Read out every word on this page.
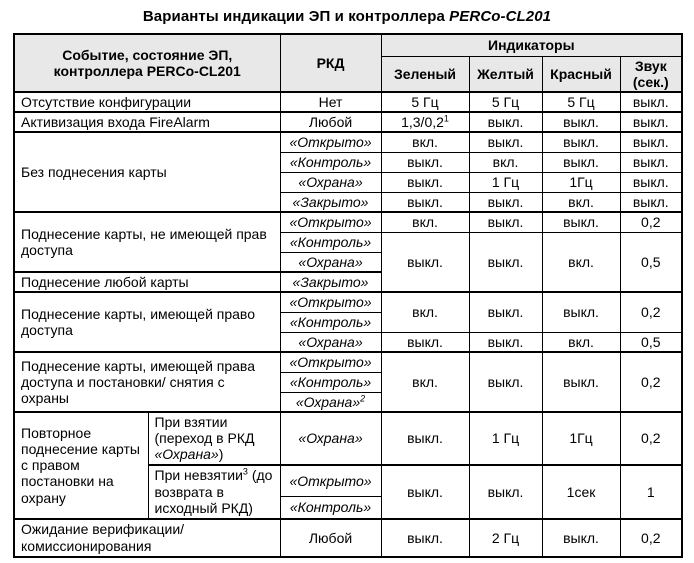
Варианты индикации ЭП и контроллера PERCo-CL201
Событие, состояние ЭП, контроллера PERCo-CL201		РКД	Индикаторы			
			Зеленый	Желтый	Красный	Звук (сек.)
Отсутствие конфигурации		Нет	5 Гц	5 Гц	5 Гц	выкл.
Активизация входа FireAlarm		Любой	$1,3/0,2^1$	выкл.	выкл.	выкл.
Без поднесения карты		«Открыто»	вкл.	выкл.	выкл.	выкл.
		«Контроль»	выкл.	вкл.	выкл.	выкл.
		«Охрана»	выкл.	1 Гц	1Гц	выкл.
		«Закрыто»	выкл.	выкл.	вкл.	выкл.
Поднесение карты, не имеющей прав доступа		«Открыто»	вкл.	выкл.	выкл.	0,2
		«Контроль»	выкл.	выкл.	вкл.	0,5
		«Охрана»				
Поднесение любой карты		«Закрыто»				
Поднесение карты, имеющей право доступа		«Открыто»	вкл.	выкл.	выкл.	0,2
		«Контроль»				
		«Охрана»	выкл.	выкл.	вкл.	0,5
Поднесение карты, имеющей права доступа и постановки/ снятия с охраны		«Открыто»	вкл.	выкл.	выкл.	0,2
		«Контроль»				
		«Охрана»$^2$
Повторное поднесение карты с правом постановки на охрану	При взятии (переход в РКД «Охрана»)	«Охрана»	выкл.	1 Гц	1Гц	0,2
	При невзятии$^3$ (до возврата в исходный РКД)	«Открыто»	выкл.	выкл.	1сек	1
		«Контроль»				
Ожидание верификации/ комиссионирования		Любой	выкл.	2 Гц	выкл.	0,2
